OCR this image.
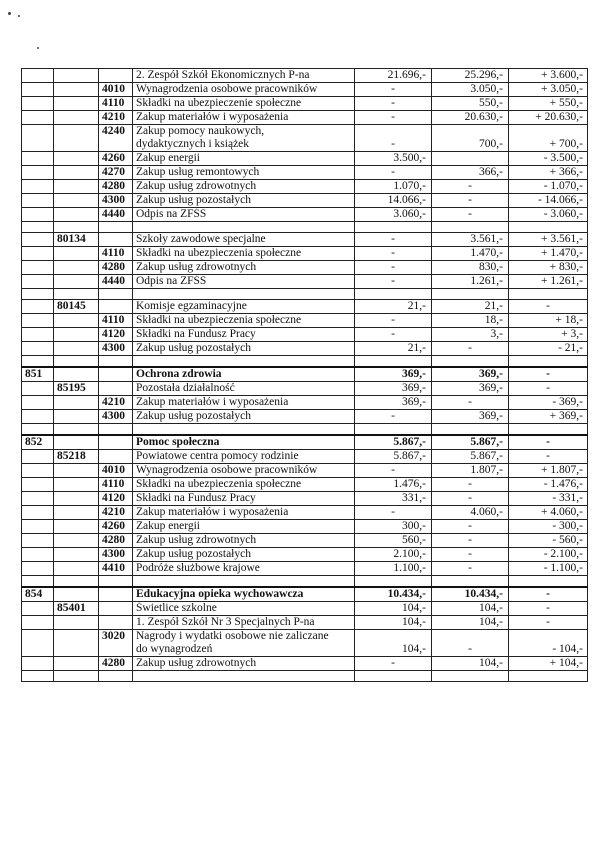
			2. Zespół Szkół Ekonomicznych P-na	21.696,-	25.296,-	+ 3.600,-
		4010	Wynagrodzenia osobowe pracowników	-	3.050,-	+ 3.050,-
		4110	Składki na ubezpieczenie społeczne	-	550,-	+ 550,-
		4210	Zakup materiałów i wyposażenia	-	20.630,-	+ 20.630,-
		4240	Zakup pomocy naukowych,			
			dydaktycznych i książek	-	700,-	+ 700,-
		4260	Zakup energii	3.500,-		- 3.500,-
		4270	Zakup usług remontowych	-	366,-	+ 366,-
		4280	Zakup usług zdrowotnych	1.070,-	-	- 1.070,-
		4300	Zakup usług pozostałych	14.066,-	-	- 14.066,-
		4440	Odpis na ZFŚS	3.060,-	-	- 3.060,-

	80134		Szkoły zawodowe specjalne	-	3.561,-	+ 3.561,-
		4110	Składki na ubezpieczenia społeczne	-	1.470,-	+ 1.470,-
		4280	Zakup usług zdrowotnych	-	830,-	+ 830,-
		4440	Odpis na ZFŚS	-	1.261,-	+ 1.261,-

	80145		Komisje egzaminacyjne	21,-	21,-	-
		4110	Składki na ubezpieczenia społeczne	-	18,-	+ 18,-
		4120	Składki na Fundusz Pracy	-	3,-	+ 3,-
		4300	Zakup usług pozostałych	21,-	-	- 21,-

851			Ochrona zdrowia	369,-	369,-	-
	85195		Pozostała działalność	369,-	369,-	-
		4210	Zakup materiałów i wyposażenia	369,-	-	- 369,-
		4300	Zakup usług pozostałych	-	369,-	+ 369,-

852			Pomoc społeczna	5.867,-	5.867,-	-
	85218		Powiatowe centra pomocy rodzinie	5.867,-	5.867,-	-
		4010	Wynagrodzenia osobowe pracowników	-	1.807,-	+ 1.807,-
		4110	Składki na ubezpieczenia społeczne	1.476,-	-	- 1.476,-
		4120	Składki na Fundusz Pracy	331,-	-	- 331,-
		4210	Zakup materiałów i wyposażenia	-	4.060,-	+ 4.060,-
		4260	Zakup energii	300,-	-	- 300,-
		4280	Zakup usług zdrowotnych	560,-	-	- 560,-
		4300	Zakup usług pozostałych	2.100,-	-	- 2.100,-
		4410	Podróże służbowe krajowe	1.100,-	-	- 1.100,-

854			Edukacyjna opieka wychowawcza	10.434,-	10.434,-	-
	85401		Świetlice szkolne	104,-	104,-	-
			1. Zespół Szkół Nr 3 Specjalnych P-na	104,-	104,-	-
		3020	Nagrody i wydatki osobowe nie zaliczane			
			do wynagrodzeń	104,-	-	- 104,-
		4280	Zakup usług zdrowotnych	-	104,-	+ 104,-
